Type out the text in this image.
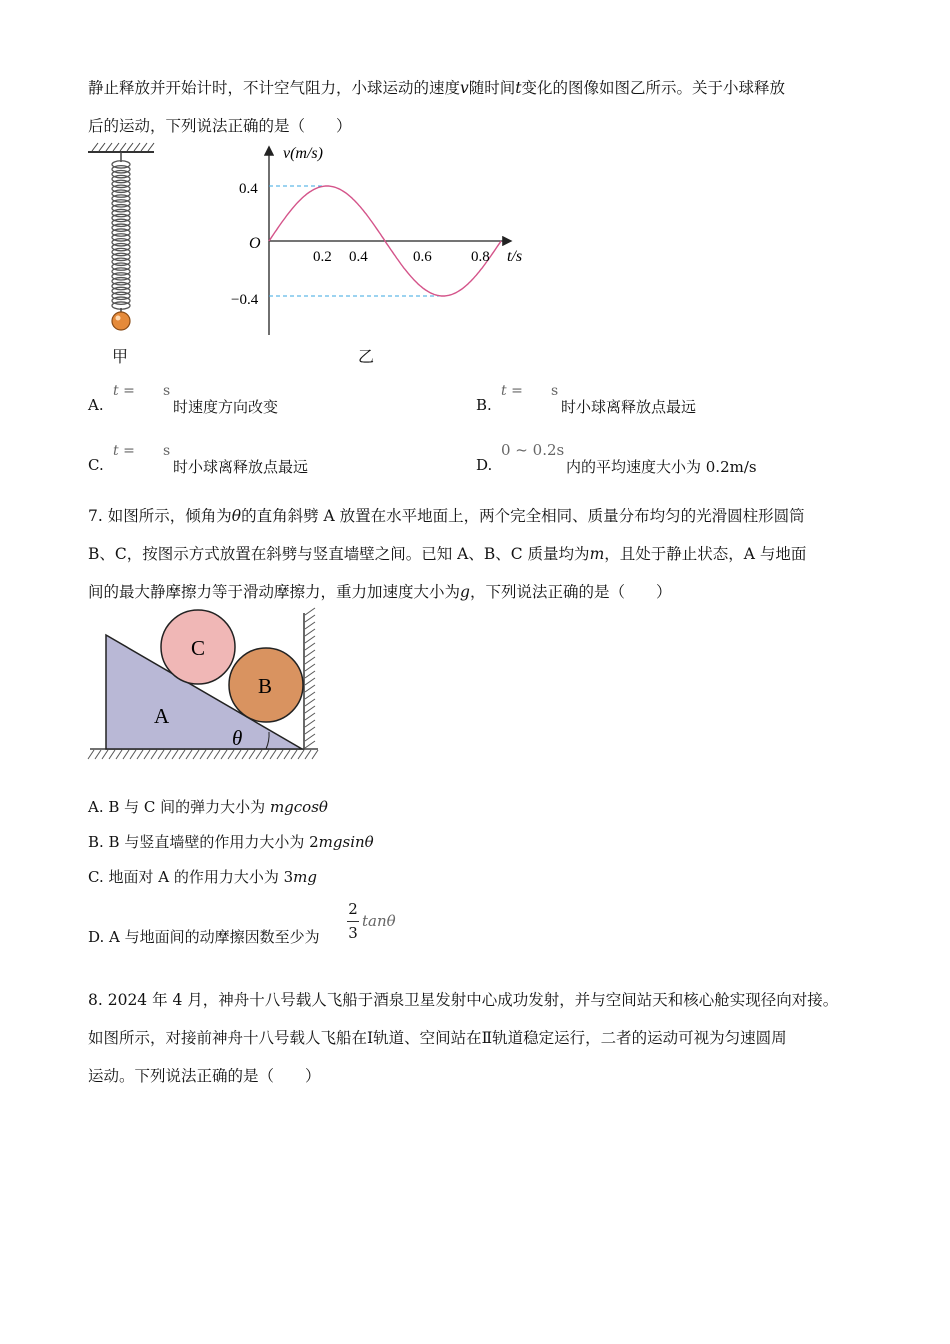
静止释放并开始计时，不计空气阻力，小球运动的速度v随时间t变化的图像如图乙所示。关于小球释放
后的运动，下列说法正确的是（　　）
甲
v(m/s)
t/s
O
0.4
−0.4
0.2 0.4	0.6	0.8
乙
A.
t = s
时速度方向改变	B.
t = s
时小球离释放点最远
C.
t = s
时小球离释放点最远	D.
0 ~ 0.2s
内的平均速度大小为 0.2m/s
7. 如图所示，倾角为θ的直角斜劈 A 放置在水平地面上，两个完全相同、质量分布均匀的光滑圆柱形圆筒
B、C，按图示方式放置在斜劈与竖直墙壁之间。已知 A、B、C 质量均为m，且处于静止状态，A 与地面
间的最大静摩擦力等于滑动摩擦力，重力加速度大小为g，下列说法正确的是（　　）
C
B
A
θ
A. B 与 C 间的弹力大小为 mgcosθ
B. B 与竖直墙壁的作用力大小为 2mgsinθ
C. 地面对 A 的作用力大小为 3mg
D. A 与地面间的动摩擦因数至少为
2
3
tanθ
8. 2024 年 4 月，神舟十八号载人飞船于酒泉卫星发射中心成功发射，并与空间站天和核心舱实现径向对接。
如图所示，对接前神舟十八号载人飞船在Ⅰ轨道、空间站在Ⅱ轨道稳定运行，二者的运动可视为匀速圆周
运动。下列说法正确的是（　　）
